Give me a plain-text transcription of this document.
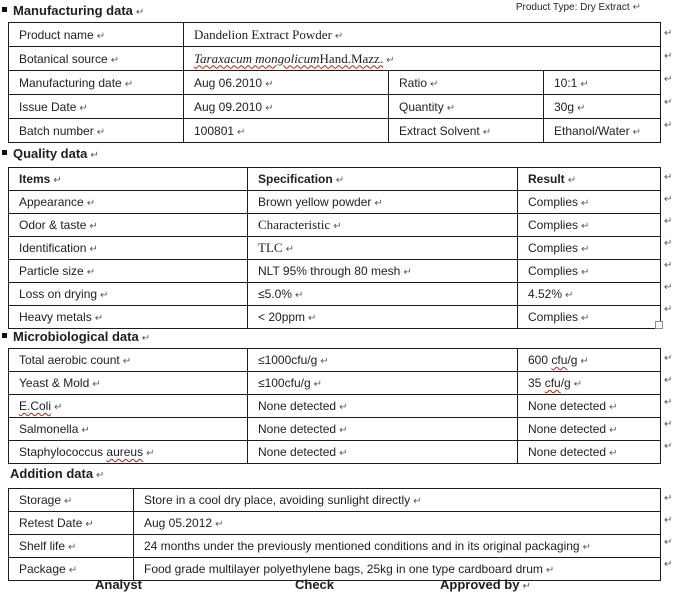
Manufacturing data ↵	Product Type: Dry Extract ↵
Product name ↵	Dandelion Extract Powder ↵		
Botanical source ↵	Taraxacum mongolicumHand.Mazz. ↵		
Manufacturing date ↵	Aug 06.2010 ↵	Ratio ↵	10:1 ↵
Issue Date ↵	Aug 09.2010 ↵	Quantity ↵	30g ↵
Batch number ↵	100801 ↵	Extract Solvent ↵	Ethanol/Water ↵
↵
↵
↵
↵
↵
Quality data ↵
Items ↵	Specification ↵	Result ↵
Appearance ↵	Brown yellow powder ↵	Complies ↵
Odor & taste ↵	Characteristic ↵	Complies ↵
Identification ↵	TLC ↵	Complies ↵
Particle size ↵	NLT 95% through 80 mesh ↵	Complies ↵
Loss on drying ↵	≤5.0% ↵	4.52% ↵
Heavy metals ↵	< 20ppm ↵	Complies ↵
↵
↵
↵
↵
↵
↵
↵
Microbiological data ↵
Total aerobic count ↵	≤1000cfu/g ↵	600 cfu/g ↵
Yeast & Mold ↵	≤100cfu/g ↵	35 cfu/g ↵
E.Coli ↵	None detected ↵	None detected ↵
Salmonella ↵	None detected ↵	None detected ↵
Staphylococcus aureus ↵	None detected ↵	None detected ↵
↵
↵
↵
↵
↵
Addition data ↵
Storage ↵	Store in a cool dry place, avoiding sunlight directly ↵
Retest Date ↵	Aug 05.2012 ↵
Shelf life ↵	24 months under the previously mentioned conditions and in its original packaging ↵
Package ↵	Food grade multilayer polyethylene bags, 25kg in one type cardboard drum ↵
↵
↵
↵
↵
Analyst	Check	Approved by ↵
